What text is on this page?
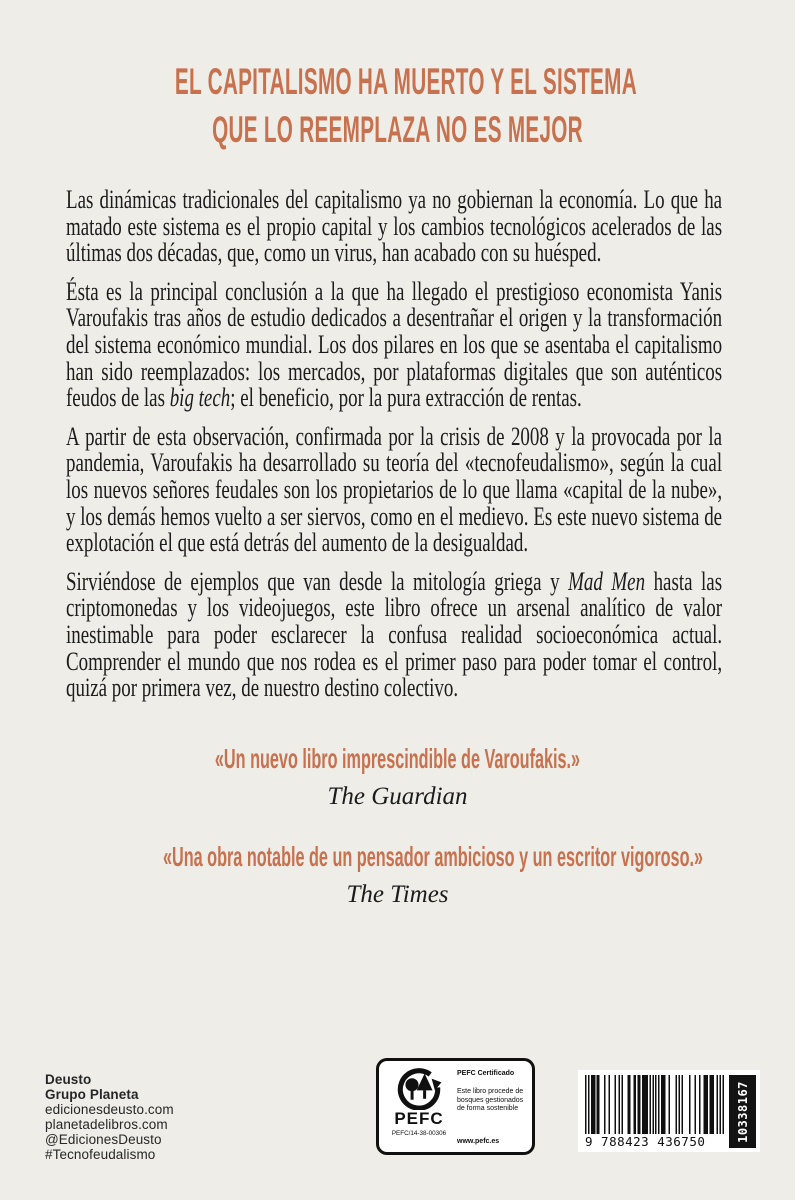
EL CAPITALISMO HA MUERTO Y EL SISTEMA
QUE LO REEMPLAZA NO ES MEJOR

Las dinámicas tradicionales del capitalismo ya no gobiernan la economía. Lo que ha matado este sistema es el propio capital y los cambios tecnológicos acelerados de las últimas dos décadas, que, como un virus, han acabado con su huésped.

Ésta es la principal conclusión a la que ha llegado el prestigioso economista Yanis Varoufakis tras años de estudio dedicados a desentrañar el origen y la transformación del sistema económico mundial. Los dos pilares en los que se asentaba el capitalismo han sido reemplazados: los mercados, por plataformas digitales que son auténticos feudos de las big tech; el beneficio, por la pura extracción de rentas.

A partir de esta observación, confirmada por la crisis de 2008 y la provocada por la pandemia, Varoufakis ha desarrollado su teoría del «tecnofeudalismo», según la cual los nuevos señores feudales son los propietarios de lo que llama «capital de la nube», y los demás hemos vuelto a ser siervos, como en el medievo. Es este nuevo sistema de explotación el que está detrás del aumento de la desigualdad.

Sirviéndose de ejemplos que van desde la mitología griega y Mad Men hasta las criptomonedas y los videojuegos, este libro ofrece un arsenal analítico de valor inestimable para poder esclarecer la confusa realidad socioeconómica actual. Comprender el mundo que nos rodea es el primer paso para poder tomar el control, quizá por primera vez, de nuestro destino colectivo.

«Un nuevo libro imprescindible de Varoufakis.»
The Guardian
«Una obra notable de un pensador ambicioso y un escritor vigoroso.»
The Times
Deusto
Grupo Planeta
edicionesdeusto.com
planetadelibros.com
@EdicionesDeusto
#Tecnofeudalismo
PEFC
PEFC/14-38-00306
PEFC Certificado
Este libro procede de bosques gestionados de forma sostenible
www.pefc.es	9 788423 436750	10338167
